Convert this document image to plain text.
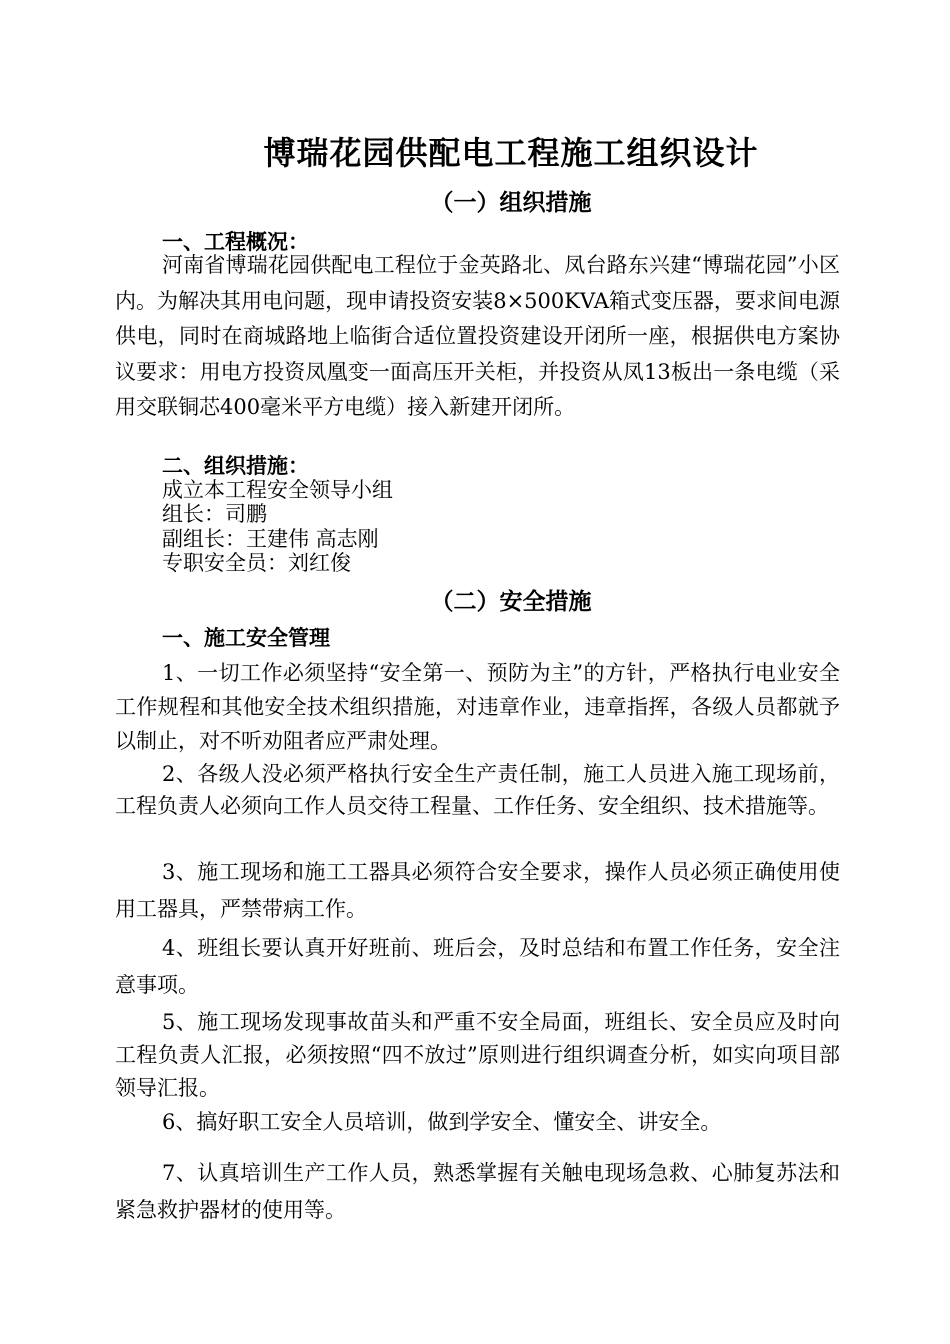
博瑞花园供配电工程施工组织设计
（一）组织措施
一、工程概况：
河南省博瑞花园供配电工程位于金英路北、凤台路东兴建“博瑞花园”小区内。为解决其用电问题，现申请投资安装8×500KVA箱式变压器，要求间电源供电，同时在商城路地上临街合适位置投资建设开闭所一座，根据供电方案协议要求：用电方投资凤凰变一面高压开关柜，并投资从凤13板出一条电缆（采用交联铜芯400毫米平方电缆）接入新建开闭所。
二、组织措施：
成立本工程安全领导小组
组长：司鹏
副组长：王建伟 高志刚
专职安全员：刘红俊
（二）安全措施
一、施工安全管理
1、一切工作必须坚持“安全第一、预防为主”的方针，严格执行电业安全工作规程和其他安全技术组织措施，对违章作业，违章指挥，各级人员都就予以制止，对不听劝阻者应严肃处理。
2、各级人没必须严格执行安全生产责任制，施工人员进入施工现场前，工程负责人必须向工作人员交待工程量、工作任务、安全组织、技术措施等。
3、施工现场和施工工器具必须符合安全要求，操作人员必须正确使用使用工器具，严禁带病工作。
4、班组长要认真开好班前、班后会，及时总结和布置工作任务，安全注意事项。
5、施工现场发现事故苗头和严重不安全局面，班组长、安全员应及时向工程负责人汇报，必须按照“四不放过”原则进行组织调查分析，如实向项目部领导汇报。
6、搞好职工安全人员培训，做到学安全、懂安全、讲安全。
7、认真培训生产工作人员，熟悉掌握有关触电现场急救、心肺复苏法和紧急救护器材的使用等。
